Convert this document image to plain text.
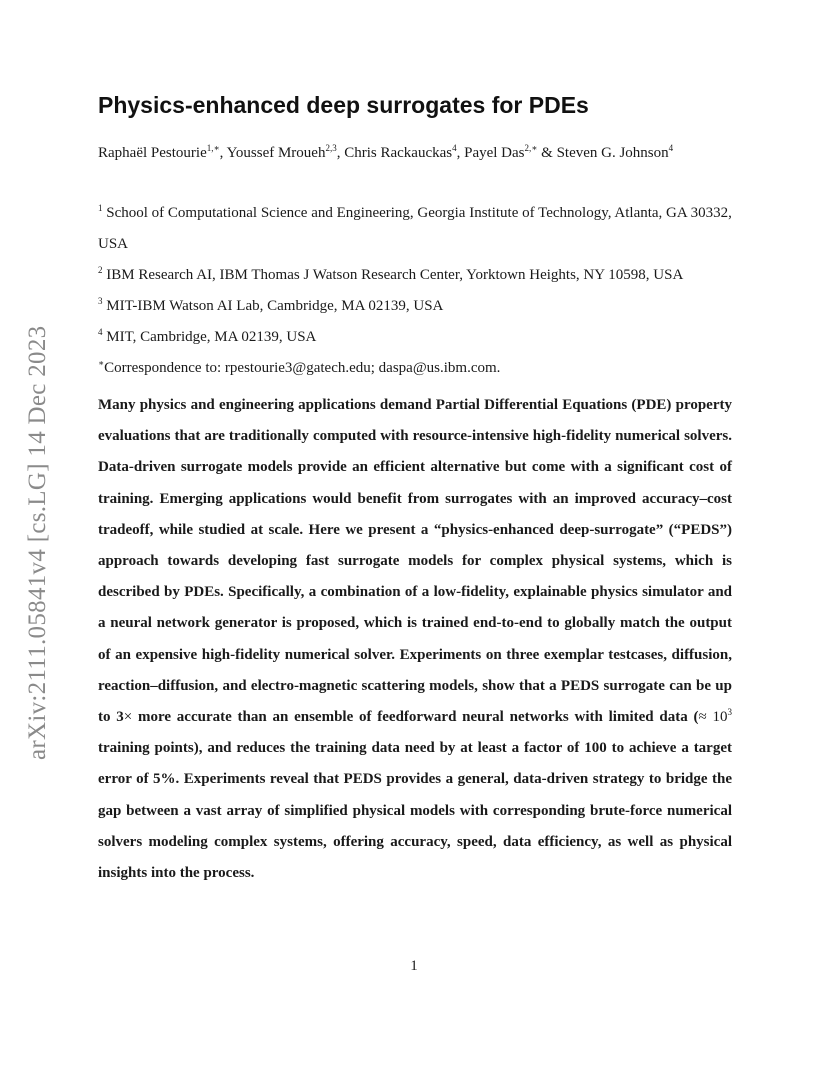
arXiv:2111.05841v4 [cs.LG] 14 Dec 2023
Physics-enhanced deep surrogates for PDEs
Raphaël Pestourie$^{1,∗}$, Youssef Mroueh$^{2,3}$, Chris Rackauckas$^4$, Payel Das$^{2,∗}$ & Steven G. Johnson$^4$
$^1$ School of Computational Science and Engineering, Georgia Institute of Technology, Atlanta, GA 30332, USA
$^2$ IBM Research AI, IBM Thomas J Watson Research Center, Yorktown Heights, NY 10598, USA
$^3$ MIT-IBM Watson AI Lab, Cambridge, MA 02139, USA
$^4$ MIT, Cambridge, MA 02139, USA
∗Correspondence to: rpestourie3@gatech.edu; daspa@us.ibm.com.

Many physics and engineering applications demand Partial Differential Equations (PDE) property evaluations that are traditionally computed with resource-intensive high-fidelity numerical solvers. Data-driven surrogate models provide an efficient alternative but come with a significant cost of training. Emerging applications would benefit from surrogates with an improved accuracy–cost tradeoff, while studied at scale. Here we present a “physics-enhanced deep-surrogate” (“PEDS”) approach towards developing fast surrogate models for complex physical systems, which is described by PDEs. Specifically, a combination of a low-fidelity, explainable physics simulator and a neural network generator is proposed, which is trained end-to-end to globally match the output of an expensive high-fidelity numerical solver. Experiments on three exemplar testcases, diffusion, reaction–diffusion, and electro-magnetic scattering models, show that a PEDS surrogate can be up to 3× more accurate than an ensemble of feedforward neural networks with limited data (≈ $10^3$ training points), and reduces the training data need by at least a factor of 100 to achieve a target error of 5%. Experiments reveal that PEDS provides a general, data-driven strategy to bridge the gap between a vast array of simplified physical models with corresponding brute-force numerical solvers modeling complex systems, offering accuracy, speed, data efficiency, as well as physical insights into the process.

1
